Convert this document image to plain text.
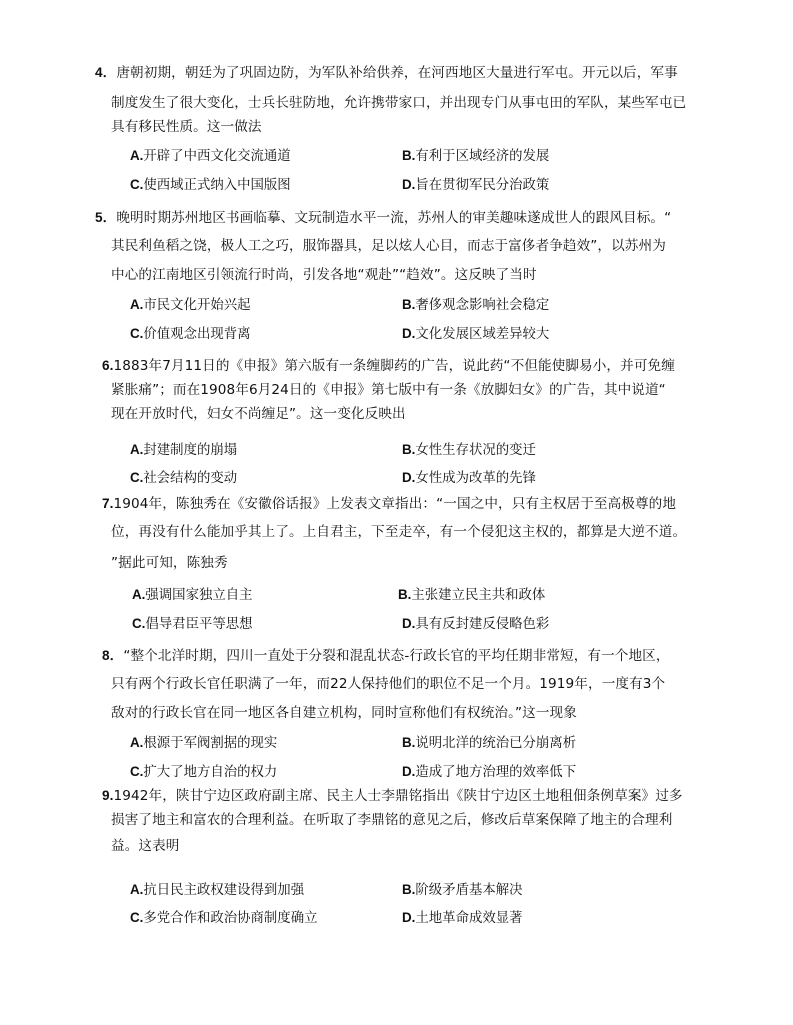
4．唐朝初期，朝廷为了巩固边防，为军队补给供养，在河西地区大量进行军屯。开元以后，军事
制度发生了很大变化，士兵长驻防地，允许携带家口，并出现专门从事屯田的军队，某些军屯已
具有移民性质。这一做法
A.开辟了中西文化交流通道	B.有利于区域经济的发展
C.使西域正式纳入中国版图	D.旨在贯彻军民分治政策
5．晚明时期苏州地区书画临摹、文玩制造水平一流，苏州人的审美趣味遂成世人的跟风目标。“
其民利鱼稻之饶，极人工之巧，服饰器具，足以炫人心目，而志于富侈者争趋效”，以苏州为
中心的江南地区引领流行时尚，引发各地“观赴”“趋效”。这反映了当时
A.市民文化开始兴起	B.奢侈观念影响社会稳定
C.价值观念出现背离	D.文化发展区域差异较大
6.1883年7月11日的《申报》第六版有一条缠脚药的广告，说此药“不但能使脚易小，并可免缠
紧胀痛”；而在1908年6月24日的《申报》第七版中有一条《放脚妇女》的广告，其中说道“
现在开放时代，妇女不尚缠足”。这一变化反映出
A.封建制度的崩塌	B.女性生存状况的变迁
C.社会结构的变动	D.女性成为改革的先锋
7.1904年，陈独秀在《安徽俗话报》上发表文章指出：“一国之中，只有主权居于至高极尊的地
位，再没有什么能加乎其上了。上自君主，下至走卒，有一个侵犯这主权的，都算是大逆不道。
”据此可知，陈独秀
A.强调国家独立自主	B.主张建立民主共和政体
C.倡导君臣平等思想	D.具有反封建反侵略色彩
8．“整个北洋时期，四川一直处于分裂和混乱状态-行政长官的平均任期非常短，有一个地区，
只有两个行政长官任职满了一年，而22人保持他们的职位不足一个月。1919年，一度有3个
敌对的行政长官在同一地区各自建立机构，同时宣称他们有权统治。”这一现象
A.根源于军阀割据的现实	B.说明北洋的统治已分崩离析
C.扩大了地方自治的权力	D.造成了地方治理的效率低下
9.1942年，陕甘宁边区政府副主席、民主人士李鼎铭指出《陕甘宁边区土地租佃条例草案》过多
损害了地主和富农的合理利益。在听取了李鼎铭的意见之后，修改后草案保障了地主的合理利
益。这表明
A.抗日民主政权建设得到加强	B.阶级矛盾基本解决
C.多党合作和政治协商制度确立	D.土地革命成效显著
